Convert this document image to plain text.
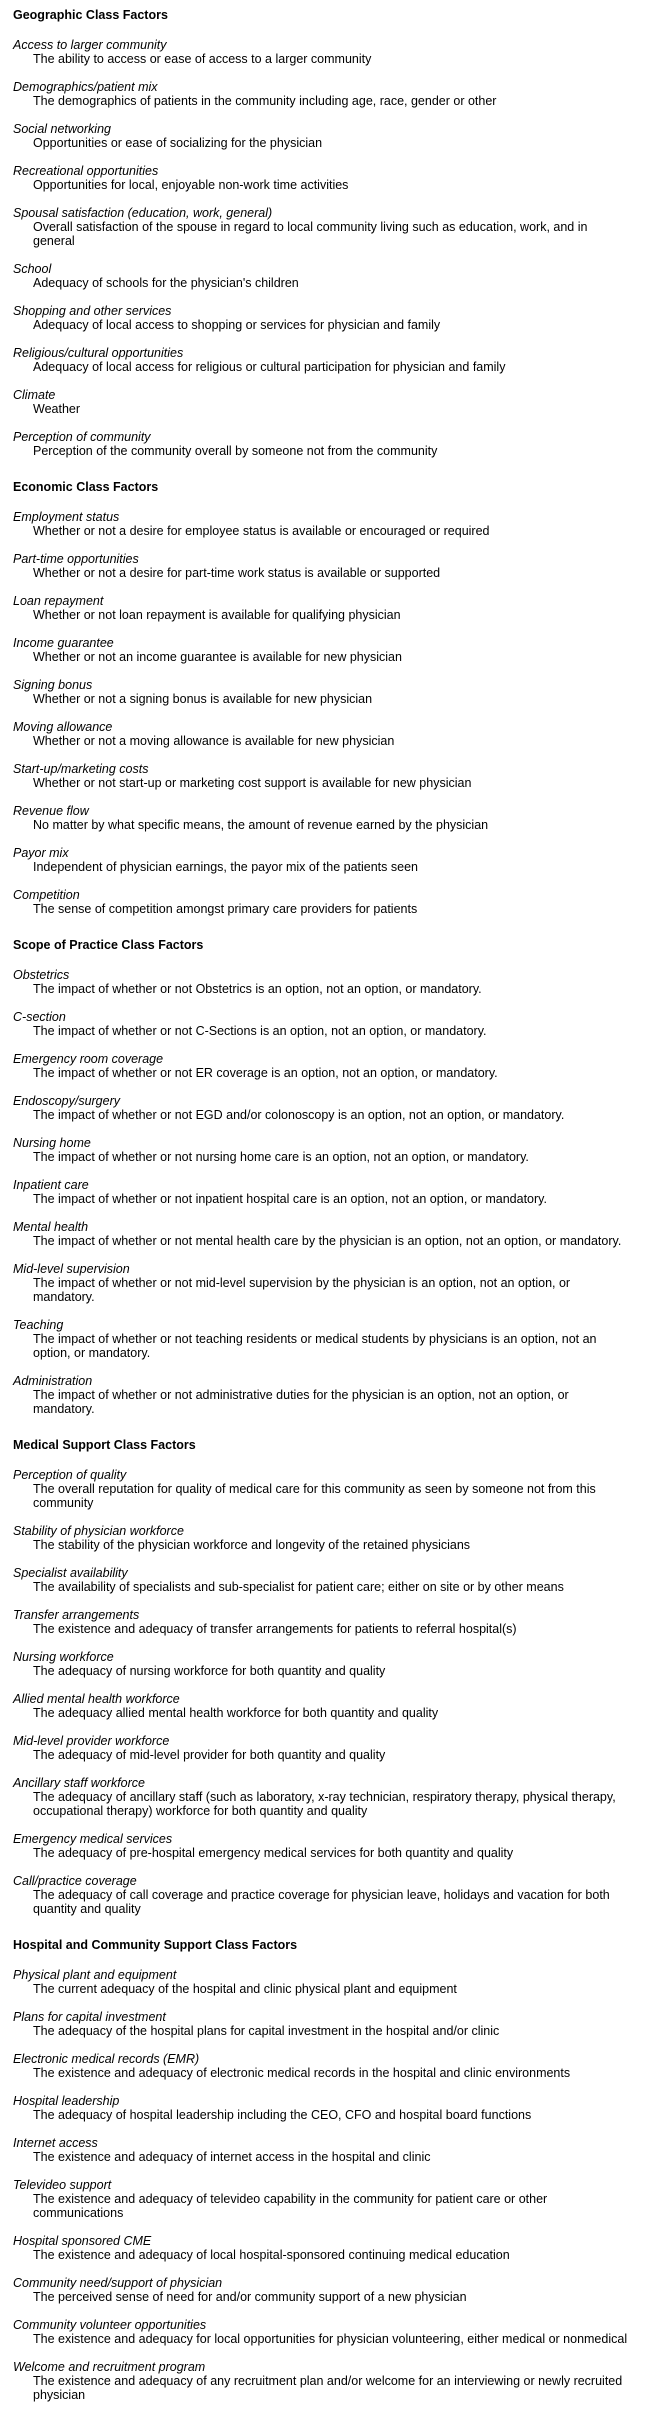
Geographic Class Factors
Access to larger community
The ability to access or ease of access to a larger community
Demographics/patient mix
The demographics of patients in the community including age, race, gender or other
Social networking
Opportunities or ease of socializing for the physician
Recreational opportunities
Opportunities for local, enjoyable non-work time activities
Spousal satisfaction (education, work, general)
Overall satisfaction of the spouse in regard to local community living such as education, work, and in general
School
Adequacy of schools for the physician's children
Shopping and other services
Adequacy of local access to shopping or services for physician and family
Religious/cultural opportunities
Adequacy of local access for religious or cultural participation for physician and family
Climate
Weather
Perception of community
Perception of the community overall by someone not from the community
Economic Class Factors
Employment status
Whether or not a desire for employee status is available or encouraged or required
Part-time opportunities
Whether or not a desire for part-time work status is available or supported
Loan repayment
Whether or not loan repayment is available for qualifying physician
Income guarantee
Whether or not an income guarantee is available for new physician
Signing bonus
Whether or not a signing bonus is available for new physician
Moving allowance
Whether or not a moving allowance is available for new physician
Start-up/marketing costs
Whether or not start-up or marketing cost support is available for new physician
Revenue flow
No matter by what specific means, the amount of revenue earned by the physician
Payor mix
Independent of physician earnings, the payor mix of the patients seen
Competition
The sense of competition amongst primary care providers for patients
Scope of Practice Class Factors
Obstetrics
The impact of whether or not Obstetrics is an option, not an option, or mandatory.
C-section
The impact of whether or not C-Sections is an option, not an option, or mandatory.
Emergency room coverage
The impact of whether or not ER coverage is an option, not an option, or mandatory.
Endoscopy/surgery
The impact of whether or not EGD and/or colonoscopy is an option, not an option, or mandatory.
Nursing home
The impact of whether or not nursing home care is an option, not an option, or mandatory.
Inpatient care
The impact of whether or not inpatient hospital care is an option, not an option, or mandatory.
Mental health
The impact of whether or not mental health care by the physician is an option, not an option, or mandatory.
Mid-level supervision
The impact of whether or not mid-level supervision by the physician is an option, not an option, or mandatory.
Teaching
The impact of whether or not teaching residents or medical students by physicians is an option, not an option, or mandatory.
Administration
The impact of whether or not administrative duties for the physician is an option, not an option, or mandatory.
Medical Support Class Factors
Perception of quality
The overall reputation for quality of medical care for this community as seen by someone not from this community
Stability of physician workforce
The stability of the physician workforce and longevity of the retained physicians
Specialist availability
The availability of specialists and sub-specialist for patient care; either on site or by other means
Transfer arrangements
The existence and adequacy of transfer arrangements for patients to referral hospital(s)
Nursing workforce
The adequacy of nursing workforce for both quantity and quality
Allied mental health workforce
The adequacy allied mental health workforce for both quantity and quality
Mid-level provider workforce
The adequacy of mid-level provider for both quantity and quality
Ancillary staff workforce
The adequacy of ancillary staff (such as laboratory, x-ray technician, respiratory therapy, physical therapy, occupational therapy) workforce for both quantity and quality
Emergency medical services
The adequacy of pre-hospital emergency medical services for both quantity and quality
Call/practice coverage
The adequacy of call coverage and practice coverage for physician leave, holidays and vacation for both quantity and quality
Hospital and Community Support Class Factors
Physical plant and equipment
The current adequacy of the hospital and clinic physical plant and equipment
Plans for capital investment
The adequacy of the hospital plans for capital investment in the hospital and/or clinic
Electronic medical records (EMR)
The existence and adequacy of electronic medical records in the hospital and clinic environments
Hospital leadership
The adequacy of hospital leadership including the CEO, CFO and hospital board functions
Internet access
The existence and adequacy of internet access in the hospital and clinic
Televideo support
The existence and adequacy of televideo capability in the community for patient care or other communications
Hospital sponsored CME
The existence and adequacy of local hospital-sponsored continuing medical education
Community need/support of physician
The perceived sense of need for and/or community support of a new physician
Community volunteer opportunities
The existence and adequacy for local opportunities for physician volunteering, either medical or nonmedical
Welcome and recruitment program
The existence and adequacy of any recruitment plan and/or welcome for an interviewing or newly recruited physician
